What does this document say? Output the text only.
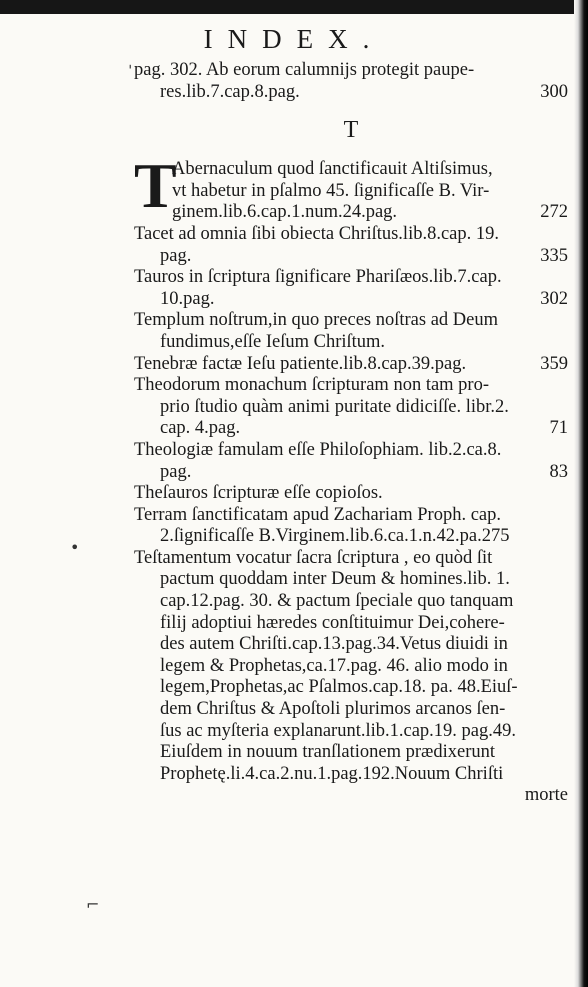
INDEX.
ˈ
•
⌐
pag. 302. Ab eorum calumnijs protegit paupe-
res.lib.7.cap.8.pag.	300
T
T
Abernaculum quod ſanctificauit Altiſsimus,
vt habetur in pſalmo 45. ſignificaſſe B. Vir-
ginem.lib.6.cap.1.num.24.pag.	272
Tacet ad omnia ſibi obiecta Chriſtus.lib.8.cap. 19.
pag.	335
Tauros in ſcriptura ſignificare Phariſæos.lib.7.cap.
10.pag.	302
Templum noſtrum,in quo preces noſtras ad Deum
fundimus,eſſe Ieſum Chriſtum.
Tenebræ factæ Ieſu patiente.lib.8.cap.39.pag.	359
Theodorum monachum ſcripturam non tam pro-
prio ſtudio quàm animi puritate didiciſſe. libr.2.
cap. 4.pag.	71
Theologiæ famulam eſſe Philoſophiam. lib.2.ca.8.
pag.	83
Theſauros ſcripturæ eſſe copioſos.
Terram ſanctificatam apud Zachariam Proph. cap.
2.ſignificaſſe B.Virginem.lib.6.ca.1.n.42.pa.275
Teſtamentum vocatur ſacra ſcriptura , eo quòd ſit
pactum quoddam inter Deum & homines.lib. 1.
cap.12.pag. 30. & pactum ſpeciale quo tanquam
filij adoptiui hæredes conſtituimur Dei,cohere-
des autem Chriſti.cap.13.pag.34.Vetus diuidi in
legem & Prophetas,ca.17.pag. 46. alio modo in
legem,Prophetas,ac Pſalmos.cap.18. pa. 48.Eiuſ-
dem Chriſtus & Apoſtoli plurimos arcanos ſen-
ſus ac myſteria explanarunt.lib.1.cap.19. pag.49.
Eiuſdem in nouum tranſlationem prædixerunt
Prophetę.li.4.ca.2.nu.1.pag.192.Nouum Chriſti
morte
